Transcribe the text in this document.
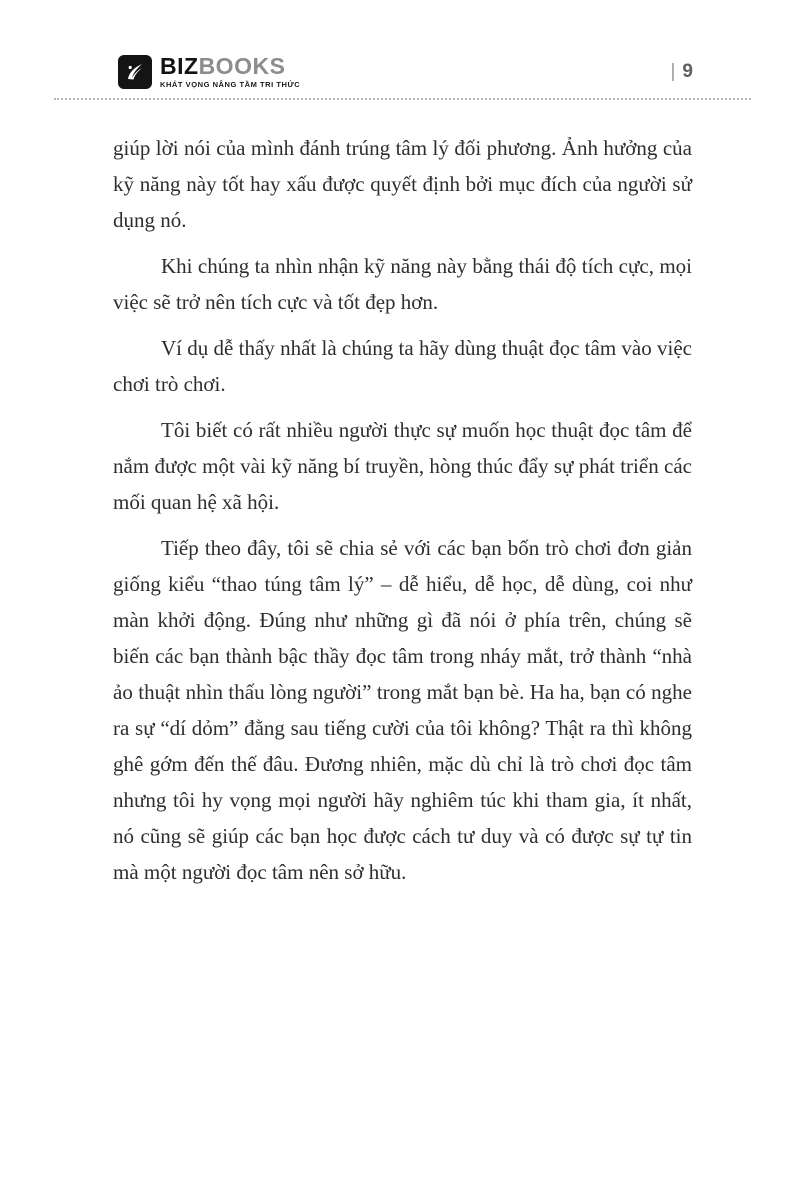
BIZBOOKS
KHÁT VỌNG NÂNG TẦM TRI THỨC
| 9

giúp lời nói của mình đánh trúng tâm lý đối phương. Ảnh hưởng của kỹ năng này tốt hay xấu được quyết định bởi mục đích của người sử dụng nó.

Khi chúng ta nhìn nhận kỹ năng này bằng thái độ tích cực, mọi việc sẽ trở nên tích cực và tốt đẹp hơn.

Ví dụ dễ thấy nhất là chúng ta hãy dùng thuật đọc tâm vào việc chơi trò chơi.

Tôi biết có rất nhiều người thực sự muốn học thuật đọc tâm để nắm được một vài kỹ năng bí truyền, hòng thúc đẩy sự phát triển các mối quan hệ xã hội.

Tiếp theo đây, tôi sẽ chia sẻ với các bạn bốn trò chơi đơn giản giống kiểu “thao túng tâm lý” – dễ hiểu, dễ học, dễ dùng, coi như màn khởi động. Đúng như những gì đã nói ở phía trên, chúng sẽ biến các bạn thành bậc thầy đọc tâm trong nháy mắt, trở thành “nhà ảo thuật nhìn thấu lòng người” trong mắt bạn bè. Ha ha, bạn có nghe ra sự “dí dỏm” đằng sau tiếng cười của tôi không? Thật ra thì không ghê gớm đến thế đâu. Đương nhiên, mặc dù chỉ là trò chơi đọc tâm nhưng tôi hy vọng mọi người hãy nghiêm túc khi tham gia, ít nhất, nó cũng sẽ giúp các bạn học được cách tư duy và có được sự tự tin mà một người đọc tâm nên sở hữu.
